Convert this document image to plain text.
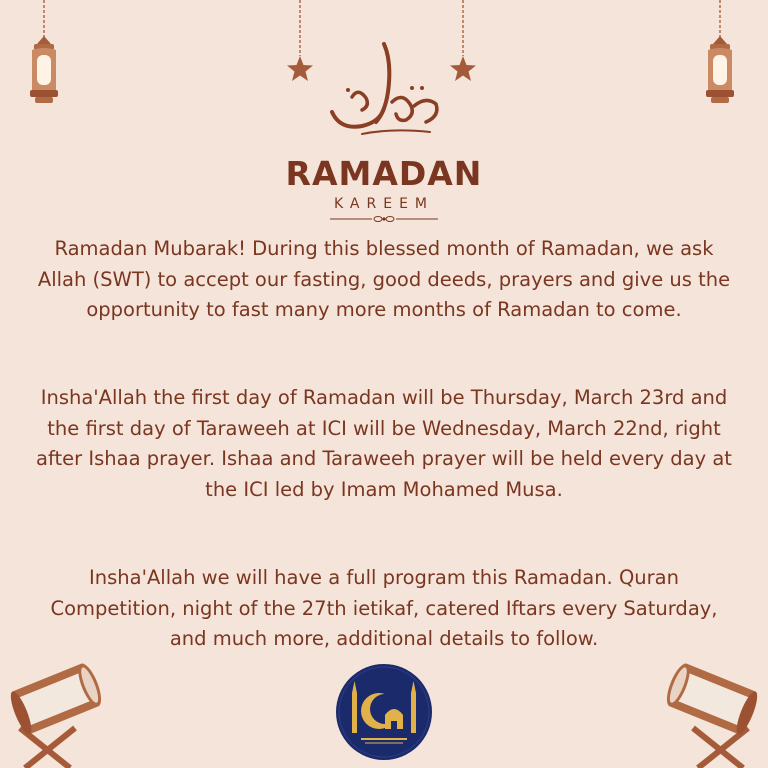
RAMADAN
KAREEM
Ramadan Mubarak! During this blessed month of Ramadan, we ask Allah (SWT) to accept our fasting, good deeds, prayers and give us the opportunity to fast many more months of Ramadan to come.
Insha'Allah the first day of Ramadan will be Thursday, March 23rd and the first day of Taraweeh at ICI will be Wednesday, March 22nd, right after Ishaa prayer. Ishaa and Taraweeh prayer will be held every day at the ICI led by Imam Mohamed Musa.
Insha'Allah we will have a full program this Ramadan. Quran Competition, night of the 27th ietikaf, catered Iftars every Saturday, and much more, additional details to follow.
